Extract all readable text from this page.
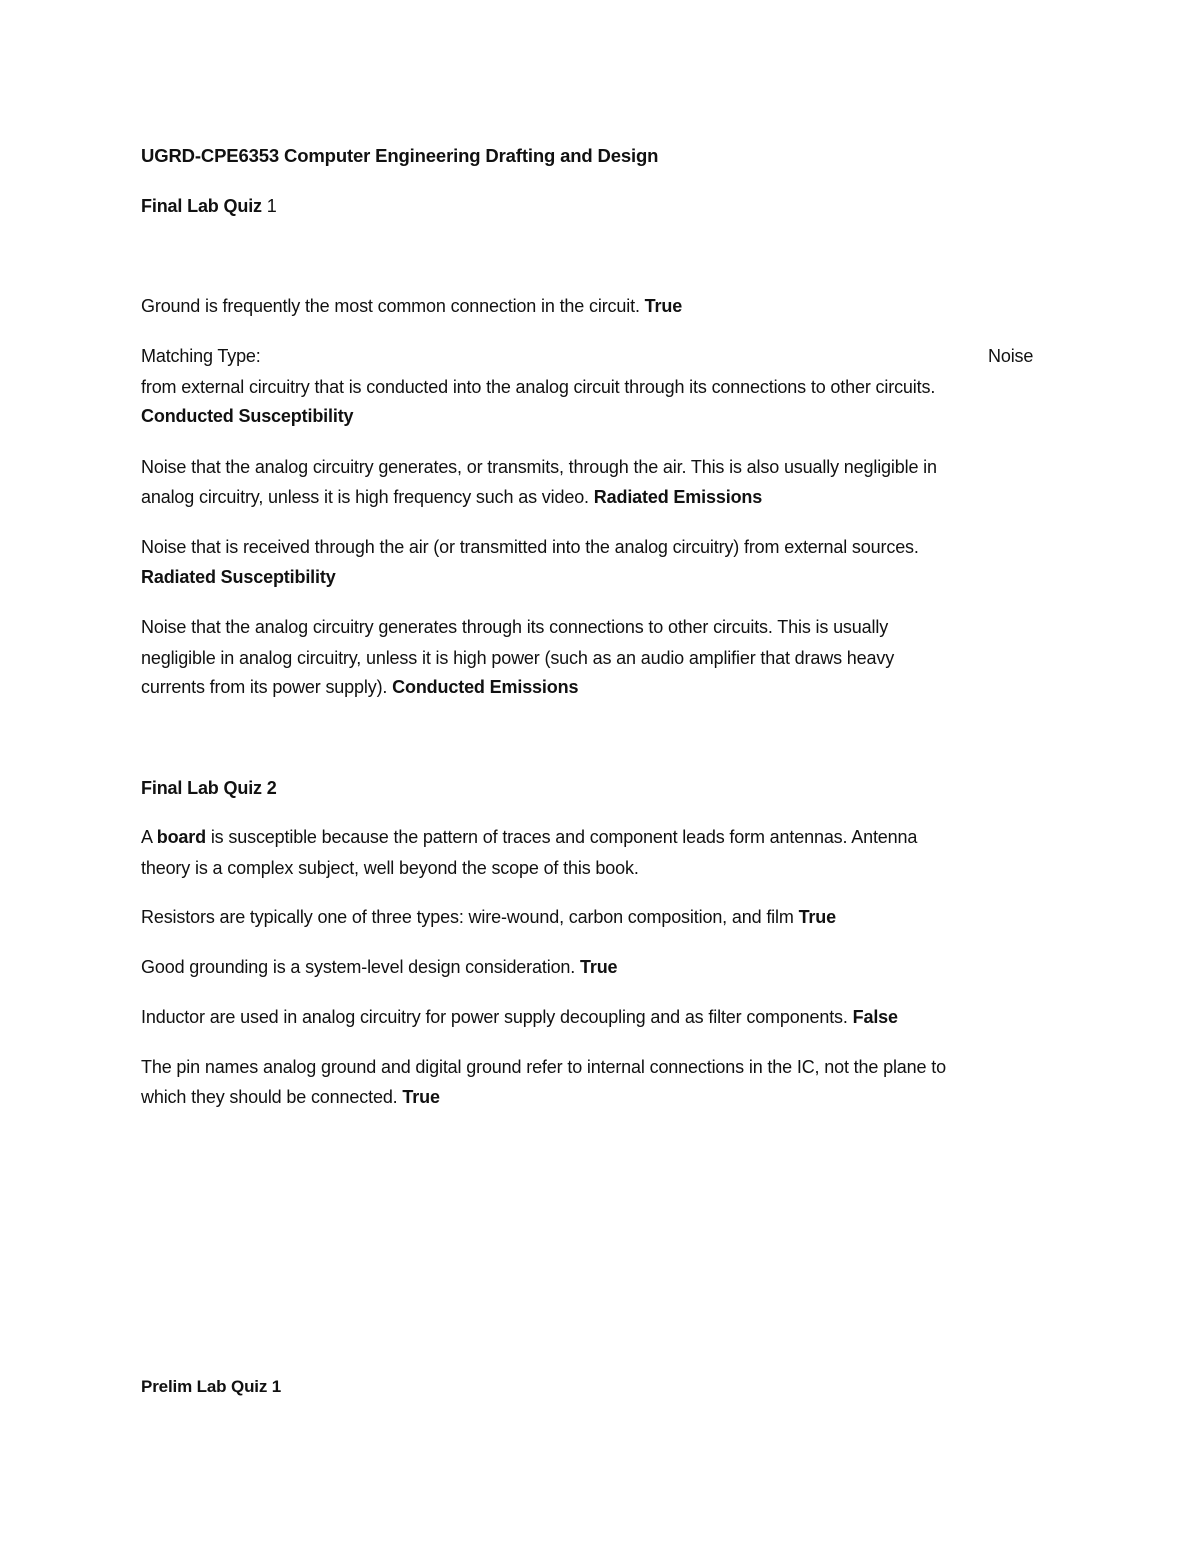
UGRD-CPE6353 Computer Engineering Drafting and Design
Final Lab Quiz 1
Ground is frequently the most common connection in the circuit. True
Matching Type:	Noise
from external circuitry that is conducted into the analog circuit through its connections to other circuits.
Conducted Susceptibility
Noise that the analog circuitry generates, or transmits, through the air. This is also usually negligible in
analog circuitry, unless it is high frequency such as video. Radiated Emissions
Noise that is received through the air (or transmitted into the analog circuitry) from external sources.
Radiated Susceptibility
Noise that the analog circuitry generates through its connections to other circuits. This is usually
negligible in analog circuitry, unless it is high power (such as an audio amplifier that draws heavy
currents from its power supply). Conducted Emissions
Final Lab Quiz 2
A board is susceptible because the pattern of traces and component leads form antennas. Antenna
theory is a complex subject, well beyond the scope of this book.
Resistors are typically one of three types: wire-wound, carbon composition, and film True
Good grounding is a system-level design consideration. True
Inductor are used in analog circuitry for power supply decoupling and as filter components. False
The pin names analog ground and digital ground refer to internal connections in the IC, not the plane to
which they should be connected. True
Prelim Lab Quiz 1
